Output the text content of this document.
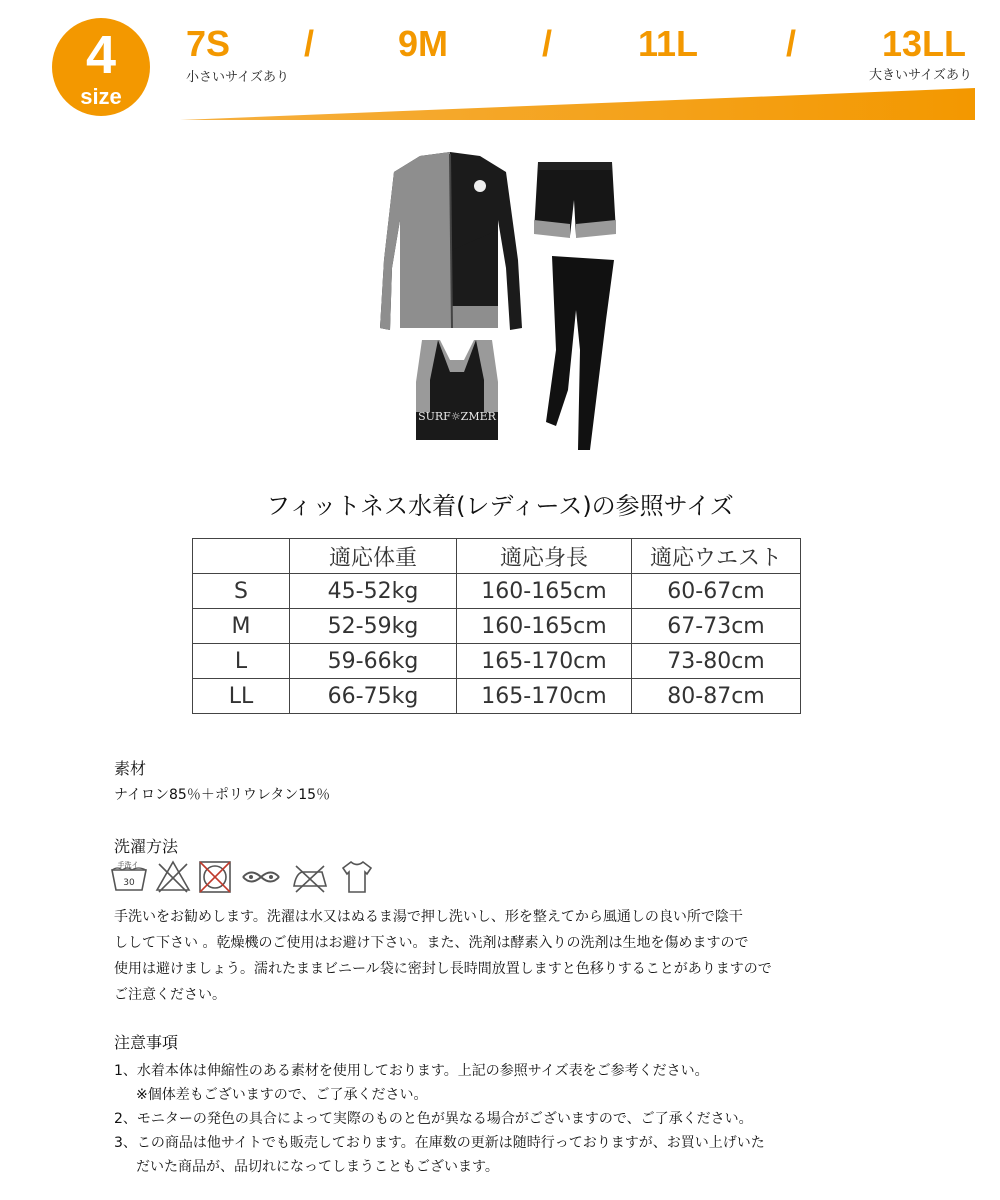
4
size
7S / 9M	/ 11L / 13LL
小さいサイズあり	大きいサイズあり
SURF☼ZMER
フィットネス水着(レディース)の参照サイズ
	適応体重	適応身長	適応ウエスト
S	45-52kg	160-165cm	60-67cm
M	52-59kg	160-165cm	67-73cm
L	59-66kg	165-170cm	73-80cm
LL	66-75kg	165-170cm	80-87cm
素材
ナイロン85％＋ポリウレタン15％
洗濯方法
手洗イ
30

手洗いをお勧めします。洗濯は水又はぬるま湯で押し洗いし、形を整えてから風通しの良い所で陰干
しして下さい 。乾燥機のご使用はお避け下さい。また、洗剤は酵素入りの洗剤は生地を傷めますので
使用は避けましょう。濡れたままビニール袋に密封し長時間放置しますと色移りすることがありますので
ご注意ください。
注意事項
1、水着本体は伸縮性のある素材を使用しております。上記の参照サイズ表をご参考ください。
※個体差もございますので、ご了承ください。
2、モニターの発色の具合によって実際のものと色が異なる場合がございますので、ご了承ください。
3、この商品は他サイトでも販売しております。在庫数の更新は随時行っておりますが、お買い上げいた
だいた商品が、品切れになってしまうこともございます。
